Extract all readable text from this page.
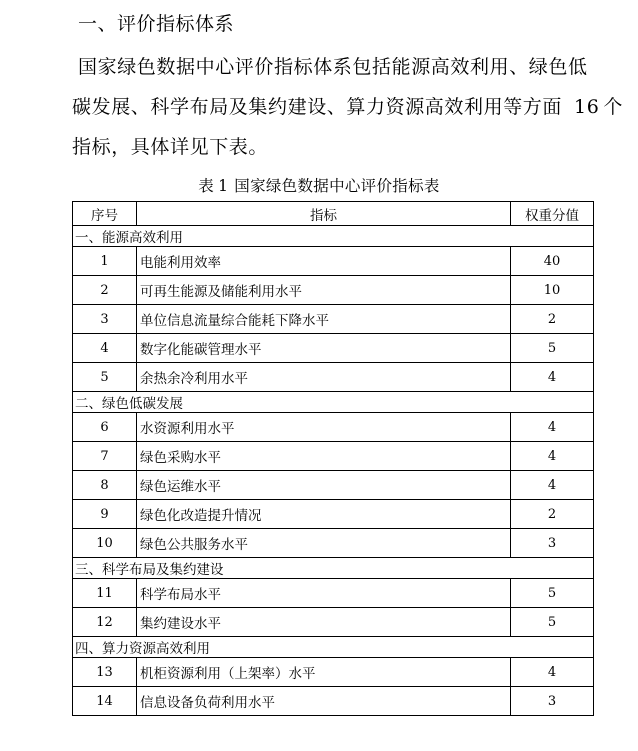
一、评价指标体系
国家绿色数据中心评价指标体系包括能源高效利用、绿色低
碳发展、科学布局及集约建设、算力资源高效利用等方面 16 个
指标，具体详见下表。
表 1 国家绿色数据中心评价指标表
序号	指标	权重分值
一、能源高效利用		
1	电能利用效率	40
2	可再生能源及储能利用水平	10
3	单位信息流量综合能耗下降水平	2
4	数字化能碳管理水平	5
5	余热余冷利用水平	4
二、绿色低碳发展		
6	水资源利用水平	4
7	绿色采购水平	4
8	绿色运维水平	4
9	绿色化改造提升情况	2
10	绿色公共服务水平	3
三、科学布局及集约建设		
11	科学布局水平	5
12	集约建设水平	5
四、算力资源高效利用		
13	机柜资源利用（上架率）水平	4
14	信息设备负荷利用水平	3
